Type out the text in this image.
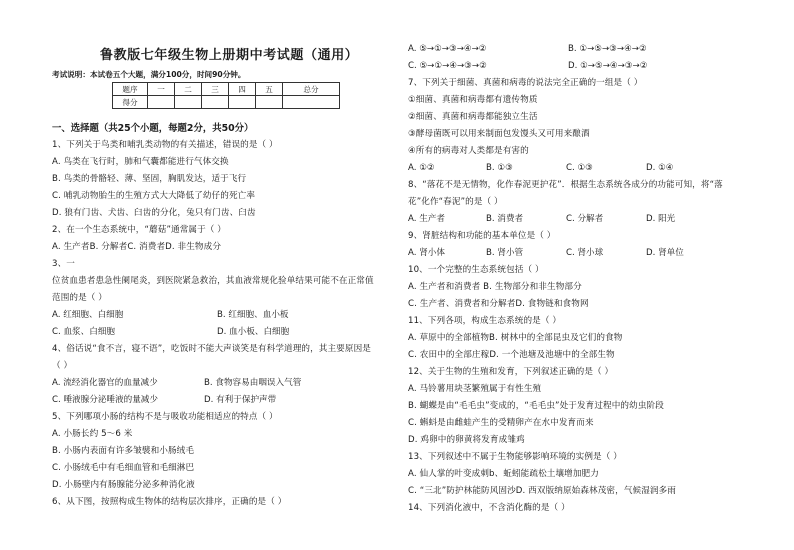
鲁教版七年级生物上册期中考试题（通用）
考试说明：本试卷五个大题，满分100分，时间90分钟。
题序	一	二	三	四	五	总分
得分						
一、选择题（共25个小题，每题2分，共50分）
1、下列关于鸟类和哺乳类动物的有关描述，错误的是（ ）
A. 鸟类在飞行时，肺和气囊都能进行气体交换
B. 鸟类的骨骼轻、薄、坚固，胸肌发达，适于飞行
C. 哺乳动物胎生的生殖方式大大降低了幼仔的死亡率
D. 狼有门齿、犬齿、臼齿的分化，兔只有门齿、臼齿
2、在一个生态系统中，“蘑菇”通常属于（ ）
A. 生产者B. 分解者C. 消费者D. 非生物成分
3、一
位贫血患者患急性阑尾炎，到医院紧急救治，其血液常规化验单结果可能不在正常值
范围的是（ ）
A. 红细胞、白细胞	B. 红细胞、血小板
C. 血浆、白细胞	D. 血小板、白细胞
4、俗话说“食不言，寝不语”，吃饭时不能大声谈笑是有科学道理的，其主要原因是
（ ）
A. 流经消化器官的血量减少	B. 食物容易由咽误入气管
C. 唾液腺分泌唾液的量减少	D. 有利于保护声带
5、下列哪项小肠的结构不是与吸收功能相适应的特点（ ）
A. 小肠长约 5～6 米
B. 小肠内表面有许多皱襞和小肠绒毛
C. 小肠绒毛中有毛细血管和毛细淋巴
D. 小肠壁内有肠腺能分泌多种消化液
6、从下图，按照构成生物体的结构层次排序，正确的是（ ）
A. ⑤→①→③→④→②	B. ①→⑤→③→④→②
C. ⑤→①→④→③→②	D. ①→⑤→④→③→②
7、下列关于细菌、真菌和病毒的说法完全正确的一组是（ ）
①细菌、真菌和病毒都有遗传物质
②细菌、真菌和病毒都能独立生活
③酵母菌既可以用来制面包发馒头又可用来酿酒
④所有的病毒对人类都是有害的
A. ①②	B. ①③	C. ①③	D. ①④
8、“落花不是无情物，化作春泥更护花”．根据生态系统各成分的功能可知，将“落
花”化作“春泥”的是（ ）
A. 生产者	B. 消费者	C. 分解者	D. 阳光
9、肾脏结构和功能的基本单位是（ ）
A. 肾小体	B. 肾小管	C. 肾小球	D. 肾单位
10、一个完整的生态系统包括（ ）
A. 生产者和消费者 B. 生物部分和非生物部分
C. 生产者、消费者和分解者D. 食物链和食物网
11、下列各项，构成生态系统的是（ ）
A. 草原中的全部植物B. 树林中的全部昆虫及它们的食物
C. 农田中的全部庄稼D. 一个池塘及池塘中的全部生物
12、关于生物的生殖和发育，下列叙述正确的是（ ）
A. 马铃薯用块茎繁殖属于有性生殖
B. 蝴蝶是由“毛毛虫”变成的，“毛毛虫”处于发育过程中的幼虫阶段
C. 蝌蚪是由雌蛙产生的受精卵产在水中发育而来
D. 鸡卵中的卵黄将发育成雏鸡
13、下列叙述中不属于生物能够影响环境的实例是（ ）
A. 仙人掌的叶变成刺b、蚯蚓能疏松土壤增加肥力
C. “三北”防护林能防风固沙D. 西双版纳原始森林茂密，气候湿润多雨
14、下列消化液中，不含消化酶的是（ ）
